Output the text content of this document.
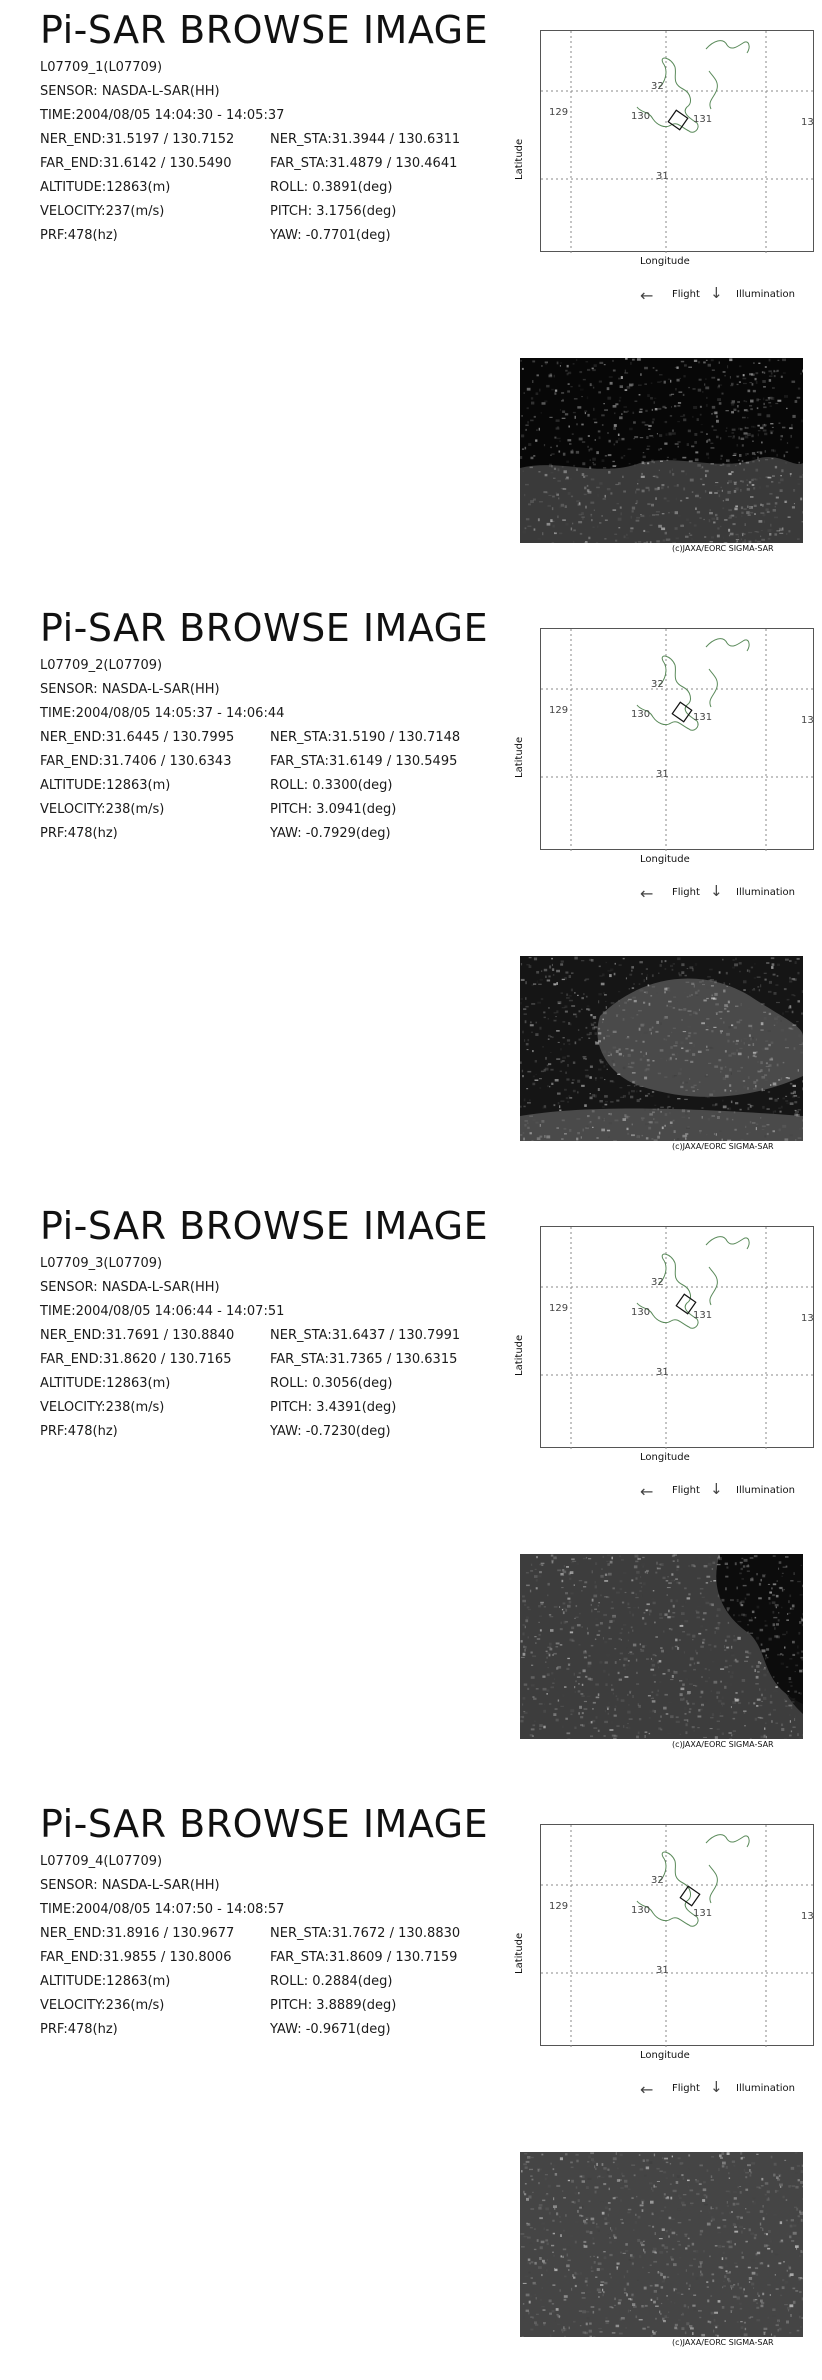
Pi-SAR BROWSE IMAGE
L07709_1(L07709)
SENSOR: NASDA-L-SAR(HH)
TIME:2004/08/05 14:04:30 - 14:05:37
NER_END:31.5197 / 130.7152	NER_STA:31.3944 / 130.6311
FAR_END:31.6142 / 130.5490	FAR_STA:31.4879 / 130.4641
ALTITUDE:12863(m)	ROLL: 0.3891(deg)
VELOCITY:237(m/s)	PITCH: 3.1756(deg)
PRF:478(hz)	YAW: -0.7701(deg)
129	130	131	13
32
31
Latitude
Longitude
← Flight ↓ Illumination
(c)JAXA/EORC SIGMA-SAR
Pi-SAR BROWSE IMAGE
L07709_2(L07709)
SENSOR: NASDA-L-SAR(HH)
TIME:2004/08/05 14:05:37 - 14:06:44
NER_END:31.6445 / 130.7995	NER_STA:31.5190 / 130.7148
FAR_END:31.7406 / 130.6343	FAR_STA:31.6149 / 130.5495
ALTITUDE:12863(m)	ROLL: 0.3300(deg)
VELOCITY:238(m/s)	PITCH: 3.0941(deg)
PRF:478(hz)	YAW: -0.7929(deg)
129	130	131	13
32
31
Latitude
Longitude
← Flight ↓ Illumination
(c)JAXA/EORC SIGMA-SAR
Pi-SAR BROWSE IMAGE
L07709_3(L07709)
SENSOR: NASDA-L-SAR(HH)
TIME:2004/08/05 14:06:44 - 14:07:51
NER_END:31.7691 / 130.8840	NER_STA:31.6437 / 130.7991
FAR_END:31.8620 / 130.7165	FAR_STA:31.7365 / 130.6315
ALTITUDE:12863(m)	ROLL: 0.3056(deg)
VELOCITY:238(m/s)	PITCH: 3.4391(deg)
PRF:478(hz)	YAW: -0.7230(deg)
129	130	131	13
32
31
Latitude
Longitude
← Flight ↓ Illumination
(c)JAXA/EORC SIGMA-SAR
Pi-SAR BROWSE IMAGE
L07709_4(L07709)
SENSOR: NASDA-L-SAR(HH)
TIME:2004/08/05 14:07:50 - 14:08:57
NER_END:31.8916 / 130.9677	NER_STA:31.7672 / 130.8830
FAR_END:31.9855 / 130.8006	FAR_STA:31.8609 / 130.7159
ALTITUDE:12863(m)	ROLL: 0.2884(deg)
VELOCITY:236(m/s)	PITCH: 3.8889(deg)
PRF:478(hz)	YAW: -0.9671(deg)
129	130	131	13
32
31
Latitude
Longitude
← Flight ↓ Illumination
(c)JAXA/EORC SIGMA-SAR
